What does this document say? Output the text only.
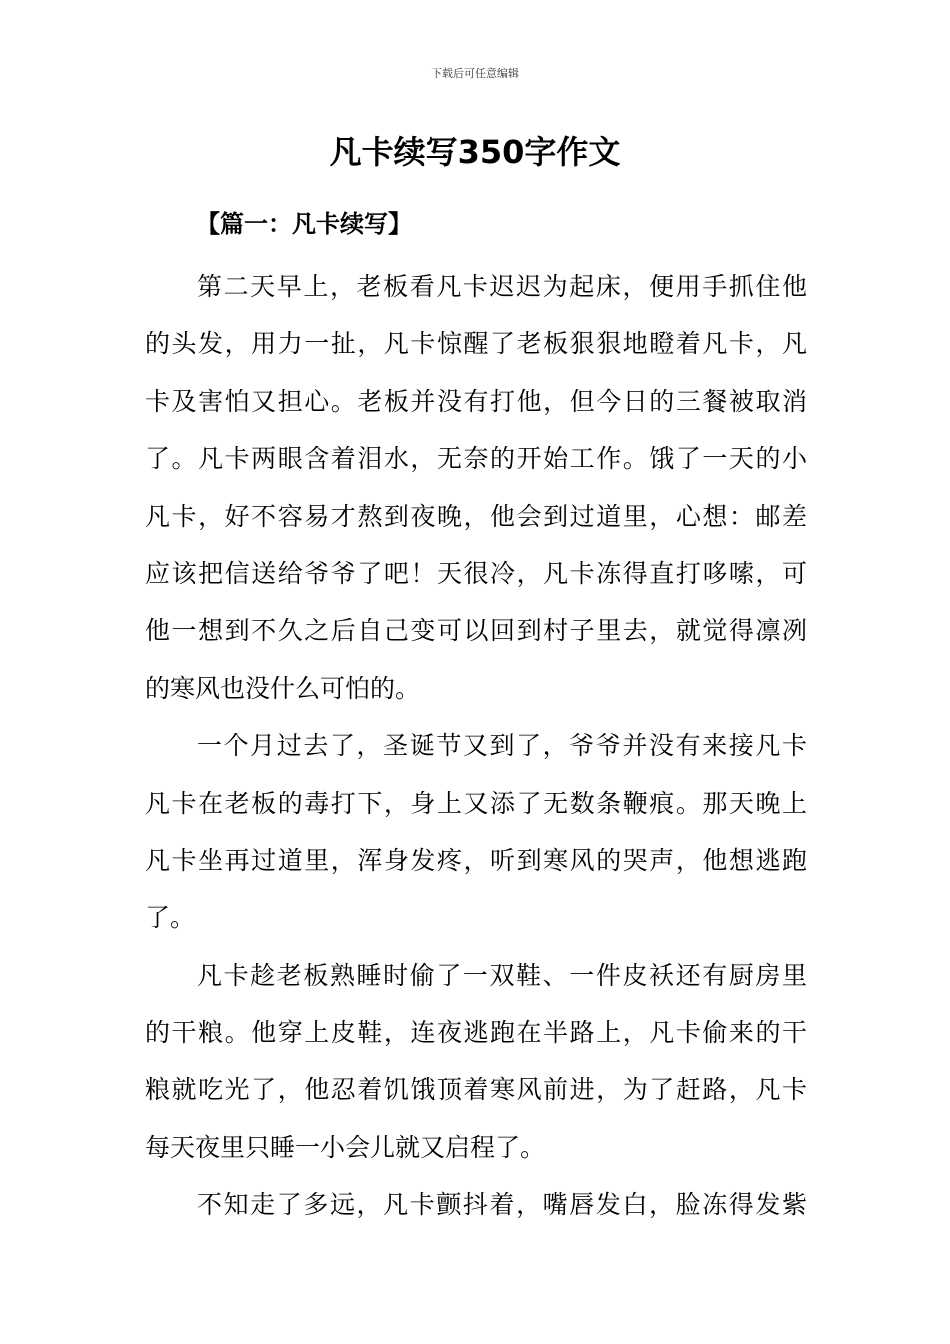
下载后可任意编辑
凡卡续写350字作文
【篇一：凡卡续写】

第二天早上，老板看凡卡迟迟为起床，便用手抓住他
的头发，用力一扯，凡卡惊醒了老板狠狠地瞪着凡卡，凡
卡及害怕又担心。老板并没有打他，但今日的三餐被取消
了。凡卡两眼含着泪水，无奈的开始工作。饿了一天的小
凡卡，好不容易才熬到夜晚，他会到过道里，心想：邮差
应该把信送给爷爷了吧！天很冷，凡卡冻得直打哆嗦，可
他一想到不久之后自己变可以回到村子里去，就觉得凛冽
的寒风也没什么可怕的。

一个月过去了，圣诞节又到了，爷爷并没有来接凡卡
凡卡在老板的毒打下，身上又添了无数条鞭痕。那天晚上
凡卡坐再过道里，浑身发疼，听到寒风的哭声，他想逃跑
了。

凡卡趁老板熟睡时偷了一双鞋、一件皮袄还有厨房里
的干粮。他穿上皮鞋，连夜逃跑在半路上，凡卡偷来的干
粮就吃光了，他忍着饥饿顶着寒风前进，为了赶路，凡卡
每天夜里只睡一小会儿就又启程了。

不知走了多远，凡卡颤抖着，嘴唇发白，脸冻得发紫
